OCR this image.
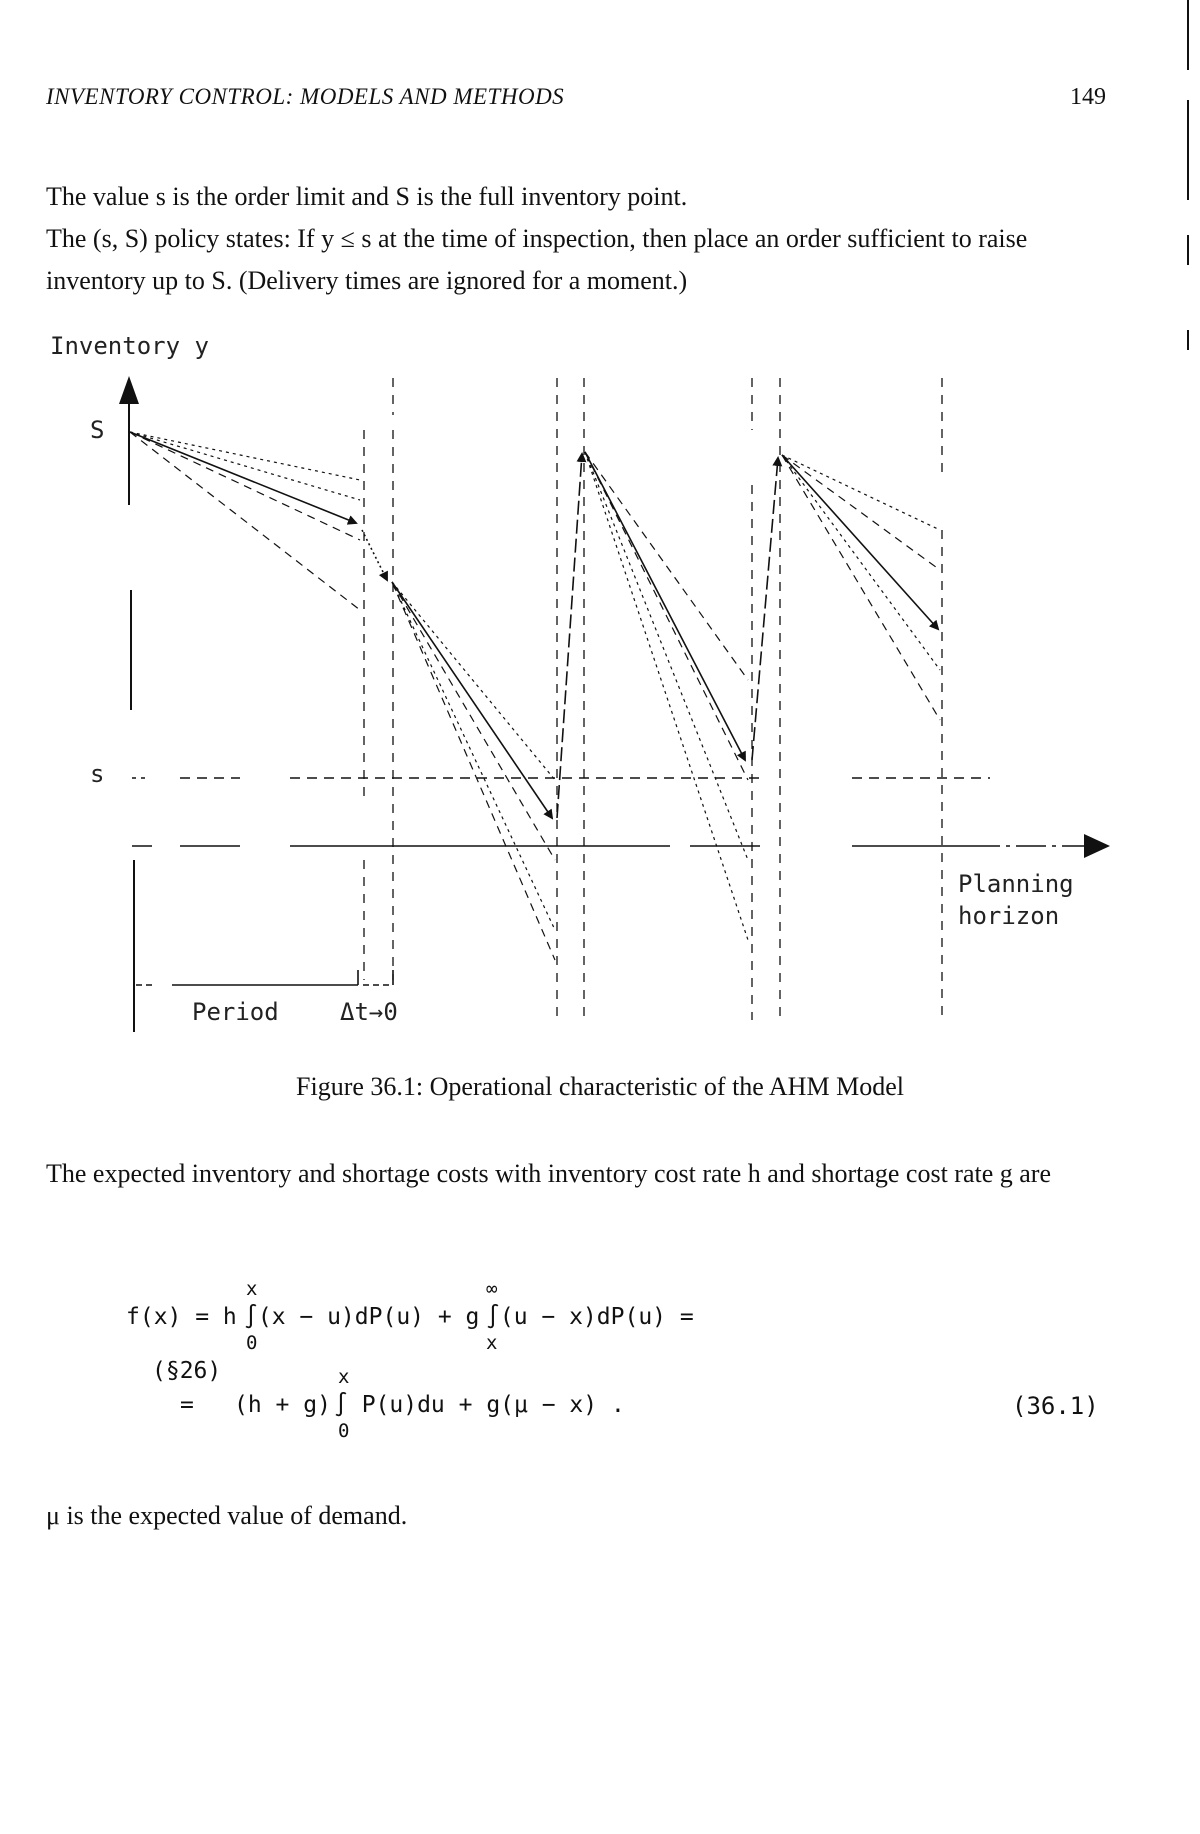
INVENTORY CONTROL: MODELS AND METHODS	149

The value s is the order limit and S is the full inventory point.

The (s, S) policy states: If y ≤ s at the time of inspection, then place an order sufficient to raise inventory up to S. (Delivery times are ignored for a moment.)

Inventory y
S
s
Period	Δt→0
Planning
horizon
Figure 36.1: Operational characteristic of the AHM Model

The expected inventory and shortage costs with inventory cost rate h and shortage cost rate g are

f(x) = h
x
0
∫(x − u)dP(u) + g
∞
x
∫(u − x)dP(u) =
(§26)
= (h + g)
x
0
∫ P(u)du + g(μ − x) .	(36.1)

μ is the expected value of demand.
